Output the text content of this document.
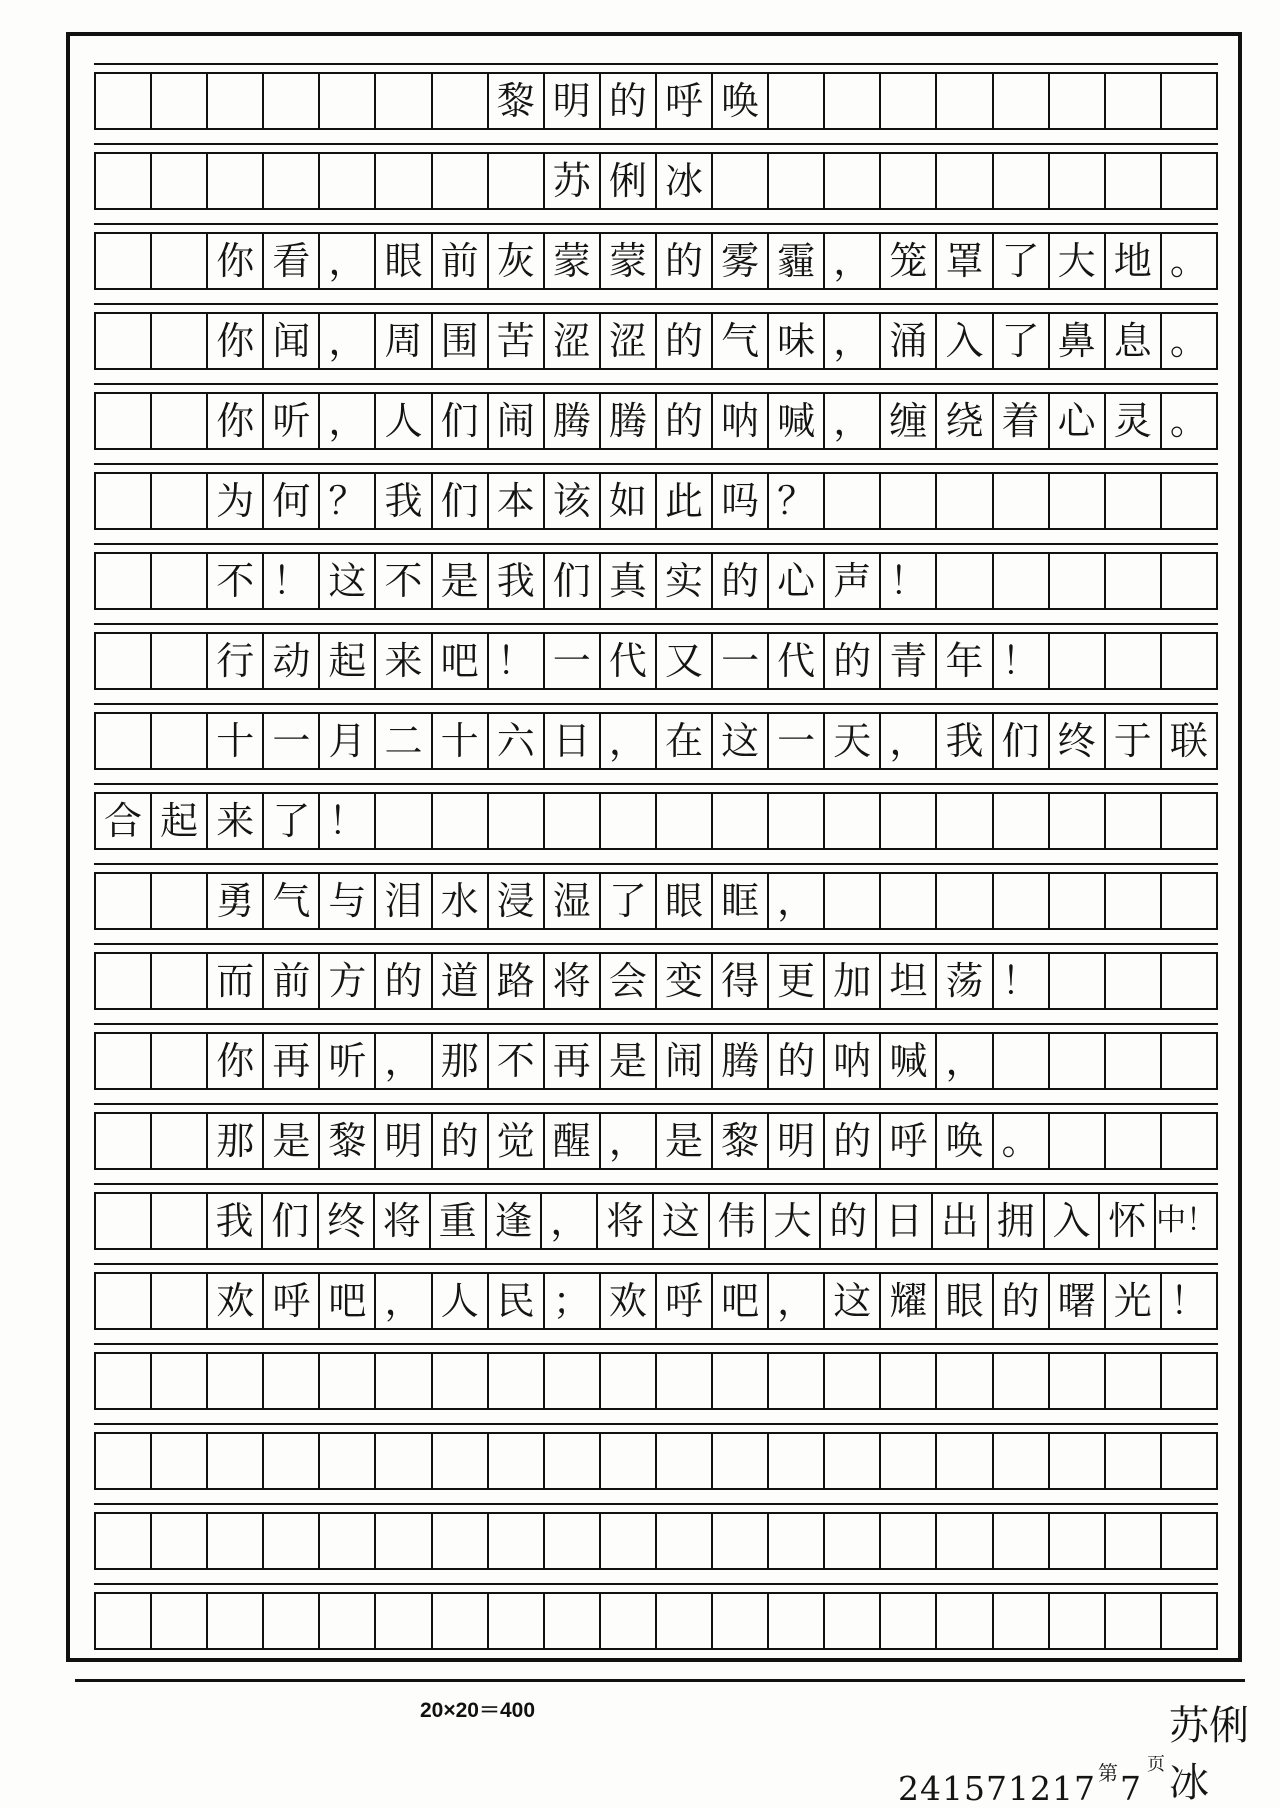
黎 明 的 呼 唤
苏 俐 冰
你 看 ， 眼 前 灰 蒙 蒙 的 雾 霾 ， 笼 罩 了 大 地 。
你 闻 ， 周 围 苦 涩 涩 的 气 味 ， 涌 入 了 鼻 息 。
你 听 ， 人 们 闹 腾 腾 的 呐 喊 ， 缠 绕 着 心 灵 。
为 何 ？ 我 们 本 该 如 此 吗 ？
不 ！ 这 不 是 我 们 真 实 的 心 声 ！
行 动 起 来 吧 ！ 一 代 又 一 代 的 青 年 ！
十 一 月 二 十 六 日 ， 在 这 一 天 ， 我 们 终 于 联
合 起 来 了 ！
勇 气 与 泪 水 浸 湿 了 眼 眶 ，
而 前 方 的 道 路 将 会 变 得 更 加 坦 荡 ！
你 再 听 ， 那 不 再 是 闹 腾 的 呐 喊 ，
那 是 黎 明 的 觉 醒 ， 是 黎 明 的 呼 唤 。
我 们 终 将 重 逢 ， 将 这 伟 大 的 日 出 拥 入 怀 中！
欢 呼 吧 ， 人 民 ； 欢 呼 吧 ， 这 耀 眼 的 曙 光 ！
20×20＝400
241571217 第 7
页
苏俐冰
